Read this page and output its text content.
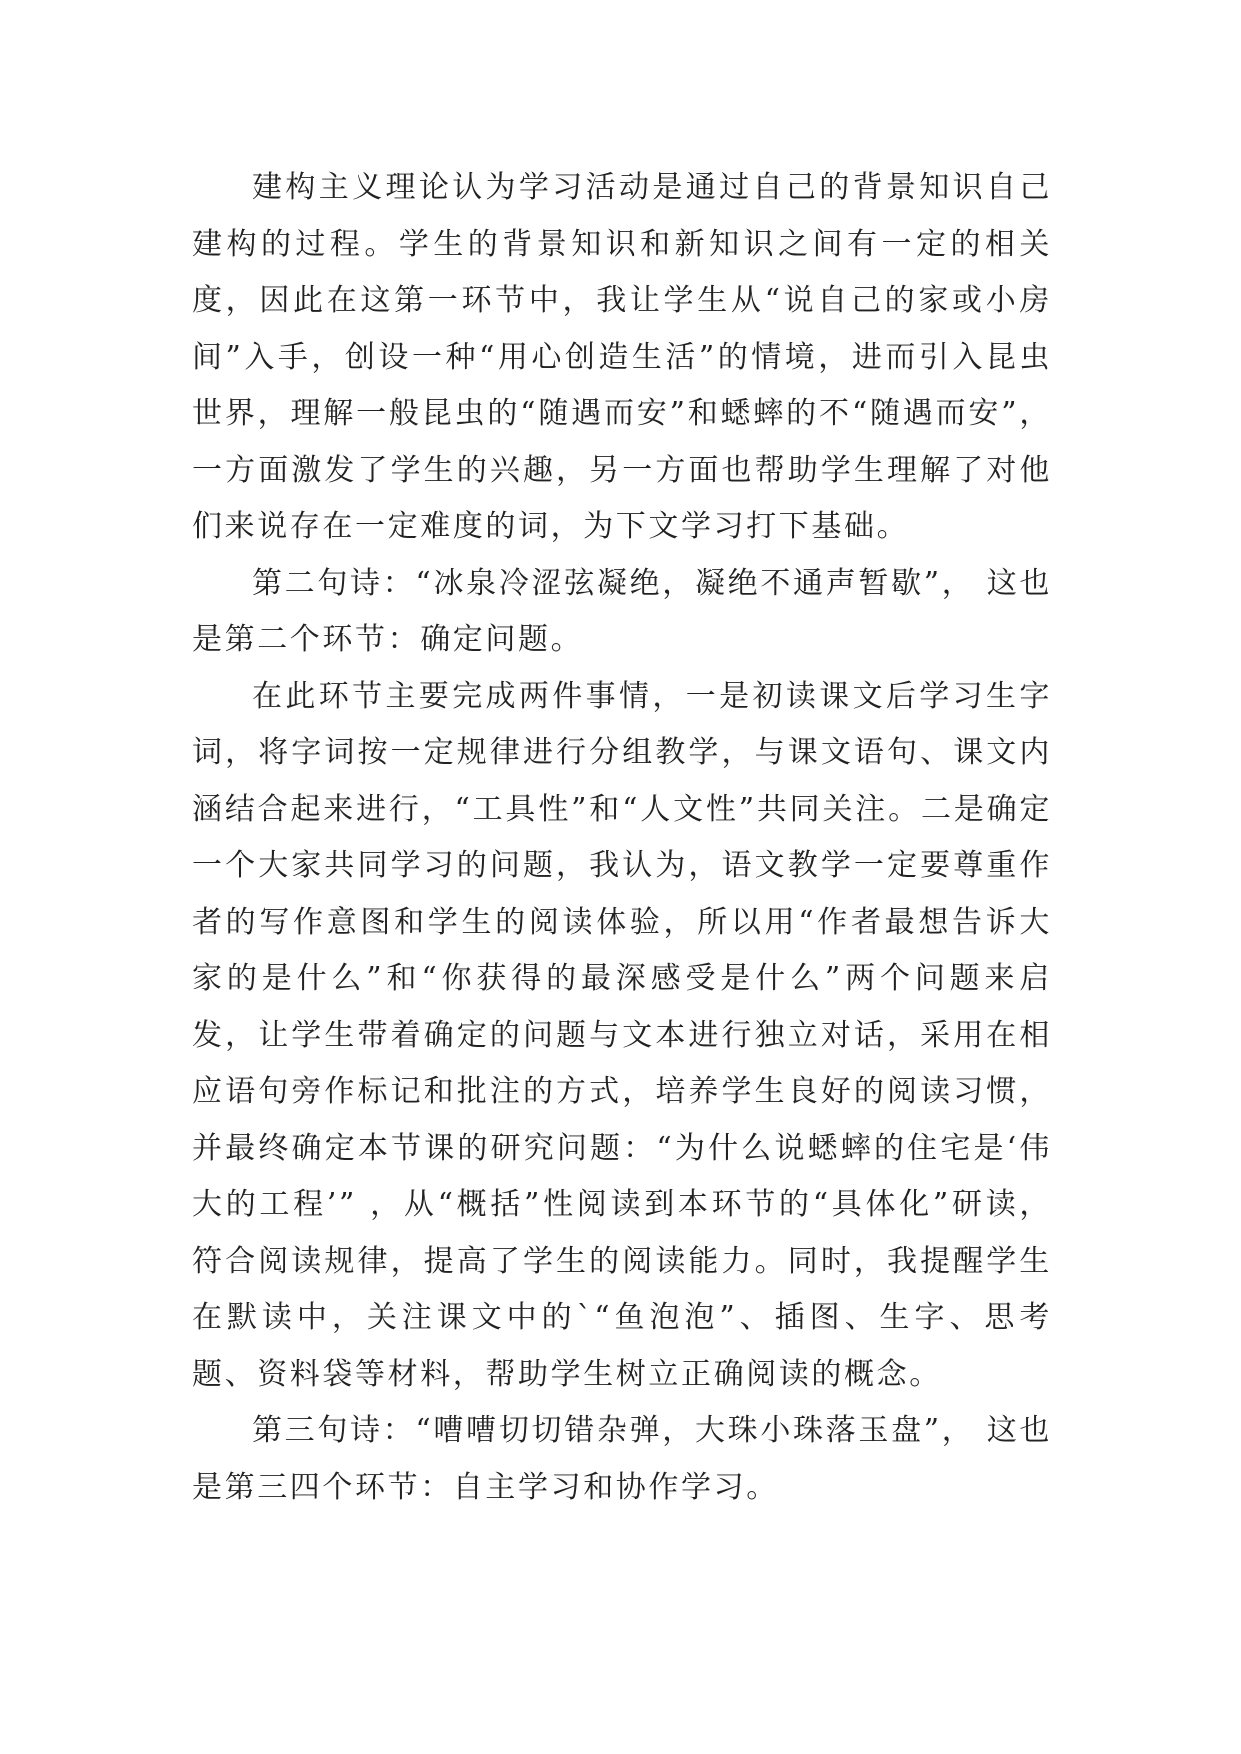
建构主义理论认为学习活动是通过自己的背景知识自己建构的过程。学生的背景知识和新知识之间有一定的相关度，因此在这第一环节中，我让学生从“说自己的家或小房间”入手，创设一种“用心创造生活”的情境，进而引入昆虫世界，理解一般昆虫的“随遇而安”和蟋蟀的不“随遇而安”，一方面激发了学生的兴趣，另一方面也帮助学生理解了对他们来说存在一定难度的词，为下文学习打下基础。

第二句诗：“冰泉冷涩弦凝绝，凝绝不通声暂歇”， 这也是第二个环节：确定问题。

在此环节主要完成两件事情，一是初读课文后学习生字词，将字词按一定规律进行分组教学，与课文语句、课文内涵结合起来进行，“工具性”和“人文性”共同关注。二是确定一个大家共同学习的问题，我认为，语文教学一定要尊重作者的写作意图和学生的阅读体验，所以用“作者最想告诉大家的是什么”和“你获得的最深感受是什么”两个问题来启发，让学生带着确定的问题与文本进行独立对话，采用在相应语句旁作标记和批注的方式，培养学生良好的阅读习惯，并最终确定本节课的研究问题：“为什么说蟋蟀的住宅是‘伟大的工程’” ，从“概括”性阅读到本环节的“具体化”研读，符合阅读规律，提高了学生的阅读能力。同时，我提醒学生在默读中，关注课文中的`“鱼泡泡”、插图、生字、思考题、资料袋等材料，帮助学生树立正确阅读的概念。

第三句诗：“嘈嘈切切错杂弹，大珠小珠落玉盘”， 这也是第三四个环节：自主学习和协作学习。
